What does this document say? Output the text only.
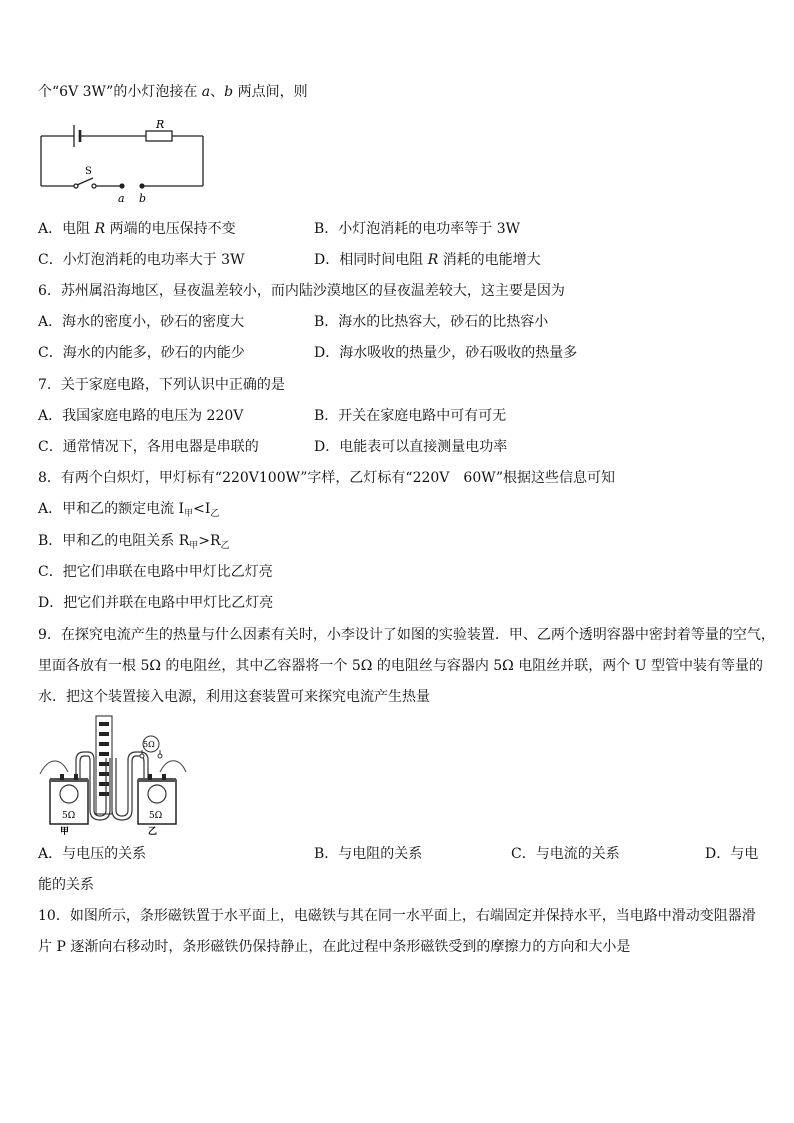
个“6V 3W”的小灯泡接在 a、b 两点间，则
R
S
a b
A．电阻 R 两端的电压保持不变	B．小灯泡消耗的电功率等于 3W
C．小灯泡消耗的电功率大于 3W	D．相同时间电阻 R 消耗的电能增大
6．苏州属沿海地区，昼夜温差较小，而内陆沙漠地区的昼夜温差较大，这主要是因为
A．海水的密度小，砂石的密度大	B．海水的比热容大，砂石的比热容小
C．海水的内能多，砂石的内能少	D．海水吸收的热量少，砂石吸收的热量多
7．关于家庭电路，下列认识中正确的是
A．我国家庭电路的电压为 220V	B．开关在家庭电路中可有可无
C．通常情况下，各用电器是串联的	D．电能表可以直接测量电功率
8．有两个白炽灯，甲灯标有“220V100W”字样，乙灯标有“220V　60W”根据这些信息可知
A．甲和乙的额定电流 $I_甲<I_乙$
B．甲和乙的电阻关系 $R_甲>R_乙$
C．把它们串联在电路中甲灯比乙灯亮
D．把它们并联在电路中甲灯比乙灯亮
9．在探究电流产生的热量与什么因素有关时，小李设计了如图的实验装置．甲、乙两个透明容器中密封着等量的空气，
里面各放有一根 5Ω 的电阻丝，其中乙容器将一个 5Ω 的电阻丝与容器内 5Ω 电阻丝并联，两个 U 型管中装有等量的
水．把这个装置接入电源，利用这套装置可来探究电流产生热量
5Ω
5Ω	5Ω
甲	乙
A．与电压的关系	B．与电阻的关系	C．与电流的关系	D．与电
能的关系
10．如图所示，条形磁铁置于水平面上，电磁铁与其在同一水平面上，右端固定并保持水平，当电路中滑动变阻器滑
片 P 逐渐向右移动时，条形磁铁仍保持静止，在此过程中条形磁铁受到的摩擦力的方向和大小是
